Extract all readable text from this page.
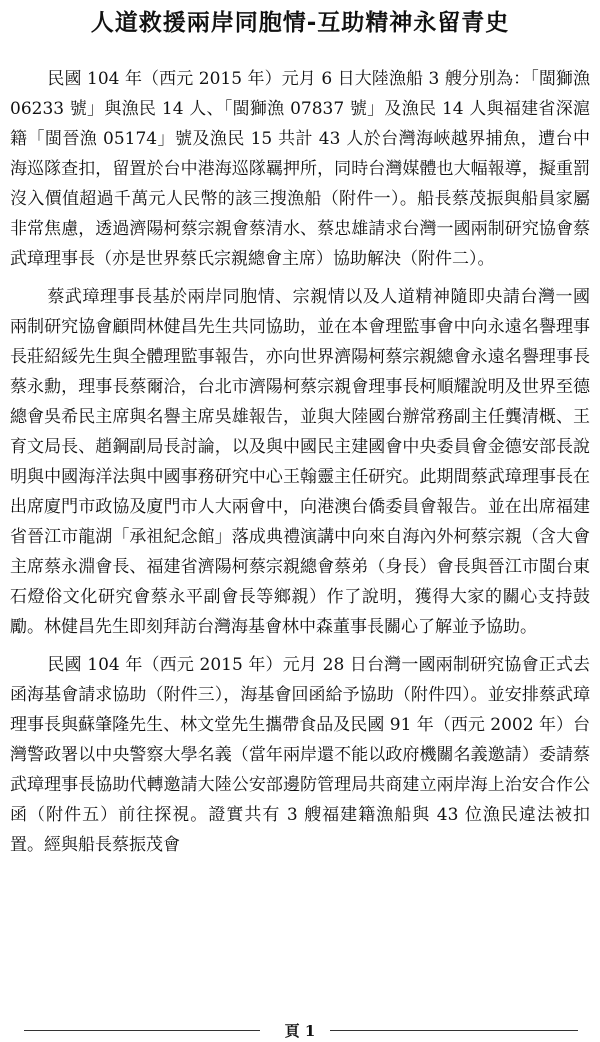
人道救援兩岸同胞情-互助精神永留青史

民國 104 年（西元 2015 年）元月 6 日大陸漁船 3 艘分別為：「閩獅漁 06233 號」與漁民 14 人、「閩獅漁 07837 號」及漁民 14 人與福建省深滬籍「閩晉漁 05174」號及漁民 15 共計 43 人於台灣海峽越界捕魚，遭台中海巡隊查扣，留置於台中港海巡隊羈押所，同時台灣媒體也大幅報導，擬重罰沒入價值超過千萬元人民幣的該三搜漁船（附件一）。船長蔡茂振與船員家屬非常焦慮，透過濟陽柯蔡宗親會蔡清水、蔡忠雄請求台灣一國兩制研究協會蔡武璋理事長（亦是世界蔡氏宗親總會主席）協助解決（附件二）。

蔡武璋理事長基於兩岸同胞情、宗親情以及人道精神隨即央請台灣一國兩制研究協會顧問林健昌先生共同協助，並在本會理監事會中向永遠名譽理事長莊紹綏先生與全體理監事報告，亦向世界濟陽柯蔡宗親總會永遠名譽理事長蔡永勳，理事長蔡爾洽，台北市濟陽柯蔡宗親會理事長柯順耀說明及世界至德總會吳希民主席與名譽主席吳雄報告，並與大陸國台辦常務副主任龔清概、王育文局長、趙鋼副局長討論，以及與中國民主建國會中央委員會金德安部長說明與中國海洋法與中國事務研究中心王翰靈主任研究。此期間蔡武璋理事長在出席廈門市政協及廈門市人大兩會中，向港澳台僑委員會報告。並在出席福建省晉江市龍湖「承祖紀念館」落成典禮演講中向來自海內外柯蔡宗親（含大會主席蔡永淵會長、福建省濟陽柯蔡宗親總會蔡弟（身長）會長與晉江市閩台東石燈俗文化研究會蔡永平副會長等鄉親）作了說明，獲得大家的關心支持鼓勵。林健昌先生即刻拜訪台灣海基會林中森董事長關心了解並予協助。

民國 104 年（西元 2015 年）元月 28 日台灣一國兩制研究協會正式去函海基會請求協助（附件三），海基會回函給予協助（附件四）。並安排蔡武璋理事長與蘇肇隆先生、林文堂先生攜帶食品及民國 91 年（西元 2002 年）台灣警政署以中央警察大學名義（當年兩岸還不能以政府機關名義邀請）委請蔡武璋理事長協助代轉邀請大陸公安部邊防管理局共商建立兩岸海上治安合作公函（附件五）前往探視。證實共有 3 艘福建籍漁船與 43 位漁民違法被扣置。經與船長蔡振茂會

頁 1
